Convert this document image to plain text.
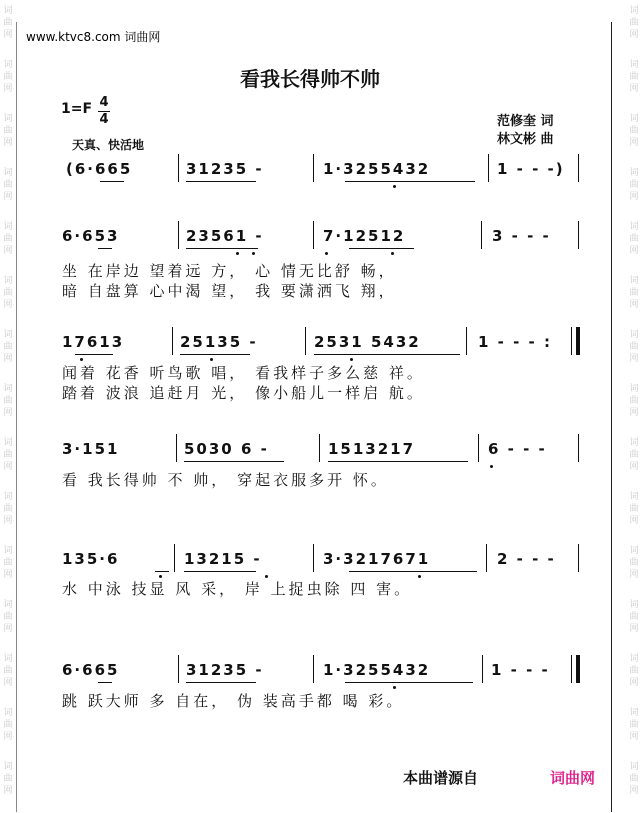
词
曲
网
词
曲
网
词
曲
网
词
曲
网
词
曲
网
词
曲
网
词
曲
网
词
曲
网
词
曲
网
词
曲
网
词
曲
网
词
曲
网
词
曲
网
词
曲
网
词
曲
网
词
曲
网
词
曲
网
词
曲
网
词
曲
网
词
曲
网
词
曲
网
词
曲
网
词
曲
网
词
曲
网
词
曲
网
词
曲
网
词
曲
网
词
曲
网
词
曲
网
词
曲
网
www.ktvc8.com 词曲网
看我长得帅不帅
1=F 4
4	范修奎 词
林文彬 曲
天真、快活地
(6·665	31235 -	1·3255432	1 - - -)
6·653	23561 -	7·12512	3 - - -
坐 在岸边 望着远 方， 心 情无比舒 畅，
暗 自盘算 心中渴 望， 我 要潇洒飞 翔，
17613	25135 -	2531 5432	1 - - - :
闻着 花香 听鸟歌 唱， 看我样子多么慈 祥。
踏着 波浪 追赶月 光， 像小船儿一样启 航。
3·151	5030 6 -	1513217	6 - - -
看 我长得帅 不 帅， 穿起衣服多开 怀。
135·6	13215 -	3·3217671	2 - - -
水 中泳 技显 风 采， 岸 上捉虫除 四 害。
6·665	31235 -	1·3255432	1 - - -
跳 跃大师 多 自在， 伪 装高手都 喝 彩。
本曲谱源自	词曲网
